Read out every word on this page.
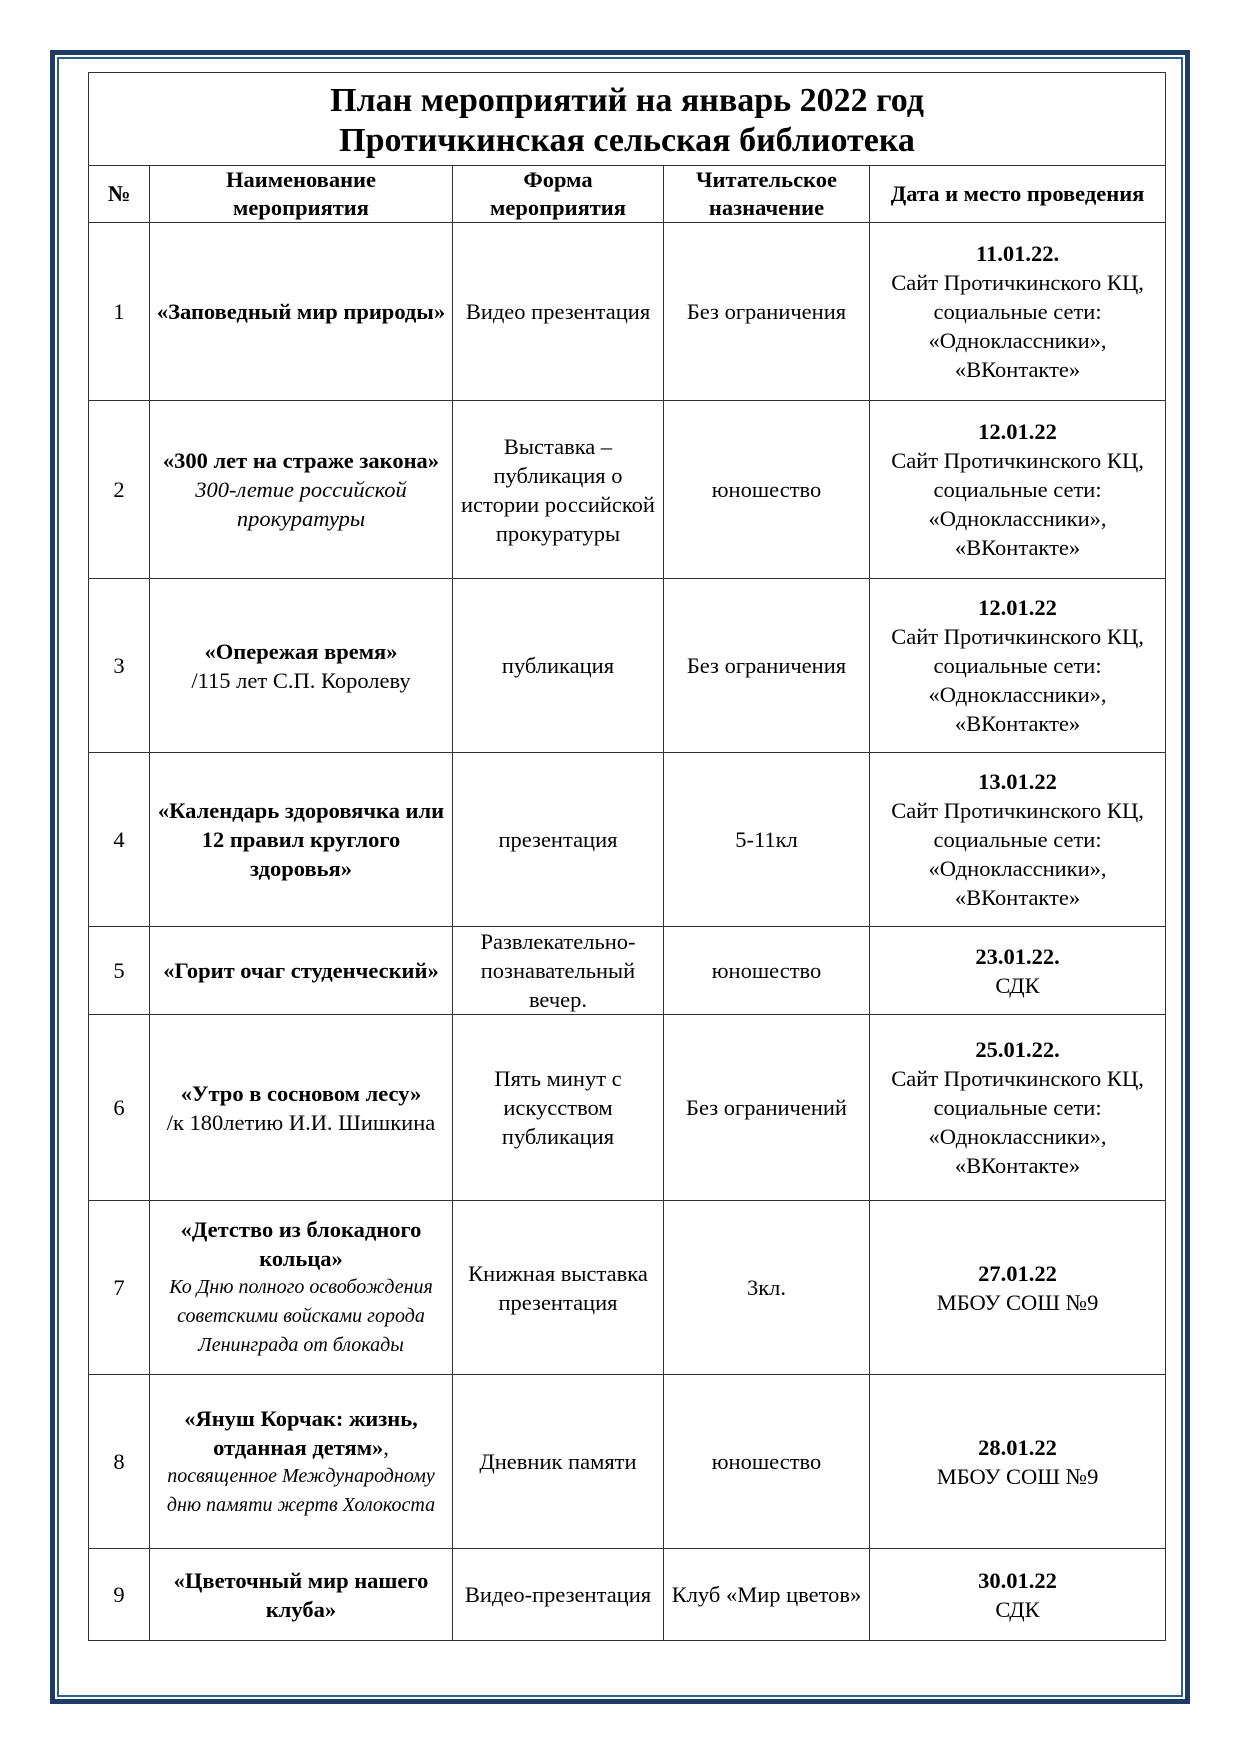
План мероприятий на январь 2022 год
Протичкинская сельская библиотека				

№	Наименование мероприятия	Форма мероприятия	Читательское назначение	Дата и место проведения
1	«Заповедный мир природы»	Видео презентация	Без ограничения	11.01.22.
Сайт Протичкинского КЦ, социальные сети: «Одноклассники», «ВКонтакте»

2	«300 лет на страже закона»
300-летие российской прокуратуры	Выставка – публикация о истории российской прокуратуры	юношество	12.01.22
Сайт Протичкинского КЦ, социальные сети: «Одноклассники», «ВКонтакте»

3	«Опережая время»
/115 лет С.П. Королеву	публикация	Без ограничения	12.01.22
Сайт Протичкинского КЦ, социальные сети: «Одноклассники», «ВКонтакте»

4	«Календарь здоровячка или 12 правил круглого здоровья»	презентация	5-11кл	13.01.22
Сайт Протичкинского КЦ, социальные сети: «Одноклассники», «ВКонтакте»

5	«Горит очаг студенческий»	Развлекательно-познавательный вечер.	юношество	23.01.22.
СДК

6	«Утро в сосновом лесу»
/к 180летию И.И. Шишкина	Пять минут с искусством публикация	Без ограничений	25.01.22.
Сайт Протичкинского КЦ, социальные сети: «Одноклассники», «ВКонтакте»

7	«Детство из блокадного кольца»
Ко Дню полного освобождения советскими войсками города Ленинграда от блокады	Книжная выставка презентация	3кл.	27.01.22
МБОУ СОШ №9

8	«Януш Корчак: жизнь, отданная детям»,
посвященное Международному дню памяти жертв Холокоста	Дневник памяти	юношество	28.01.22
МБОУ СОШ №9

9	«Цветочный мир нашего клуба»	Видео-презентация	Клуб «Мир цветов»	30.01.22
СДК
